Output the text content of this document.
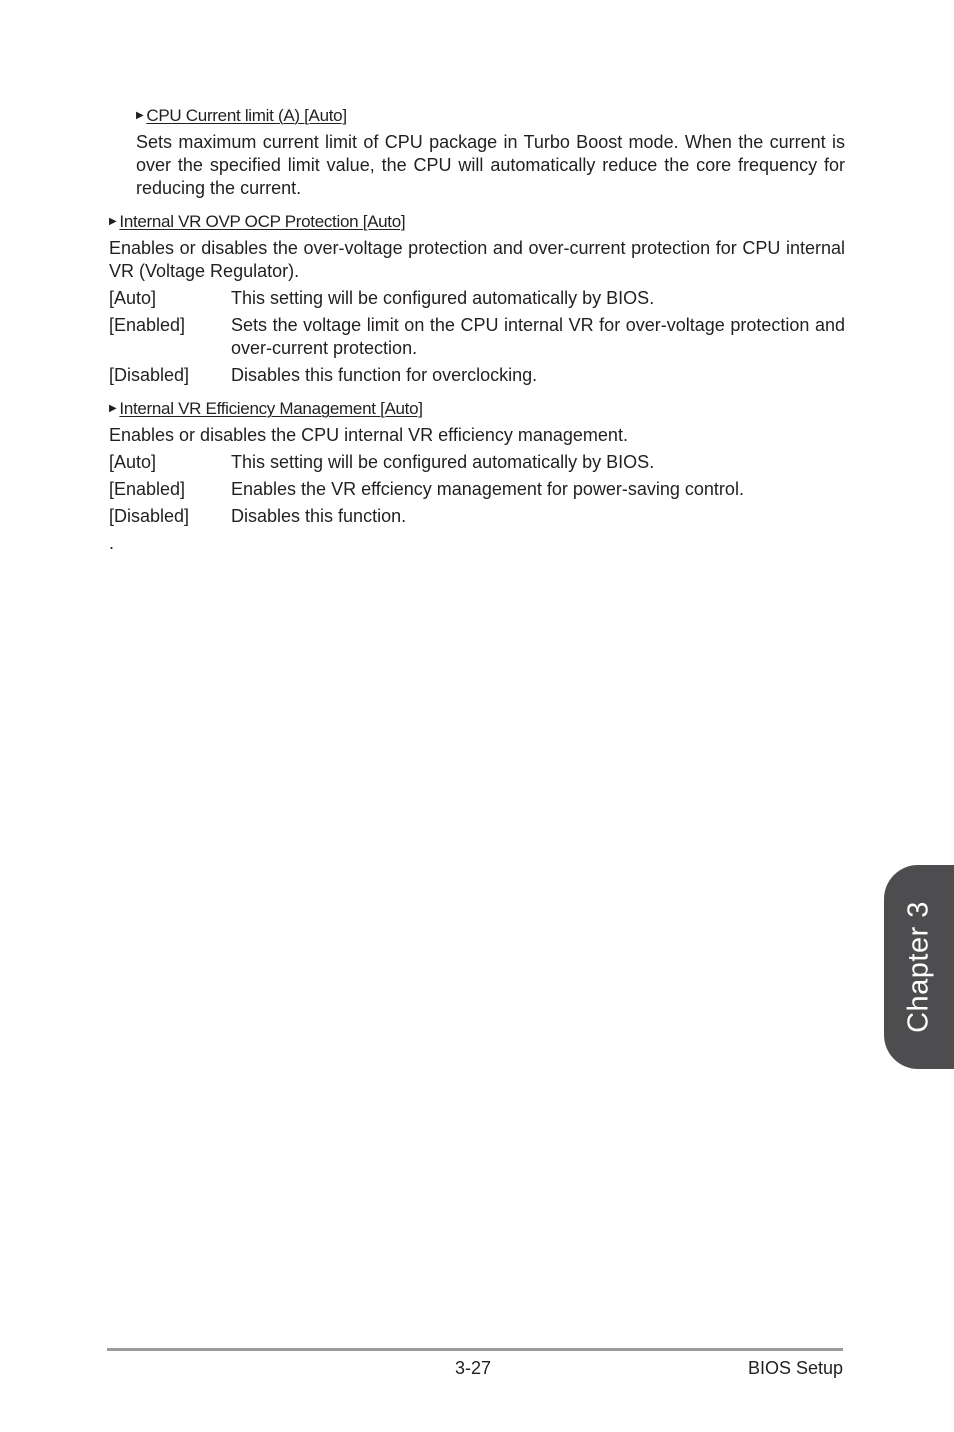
▶ CPU Current limit (A) [Auto]

Sets maximum current limit of CPU package in Turbo Boost mode. When the current is over the specified limit value, the CPU will automatically reduce the core frequency for reducing the current.

▶ Internal VR OVP OCP Protection [Auto]

Enables or disables the over-voltage protection and over-current protection for CPU internal VR (Voltage Regulator).

[Auto]	This setting will be configured automatically by BIOS.
[Enabled]	Sets the voltage limit on the CPU internal VR for over-voltage protection and over-current protection.
[Disabled]	Disables this function for overclocking.
▶ Internal VR Efficiency Management [Auto]

Enables or disables the CPU internal VR efficiency management.

[Auto]	This setting will be configured automatically by BIOS.
[Enabled]	Enables the VR effciency management for power-saving control.
[Disabled]	Disables this function.
.
Chapter 3
3-27	BIOS Setup
